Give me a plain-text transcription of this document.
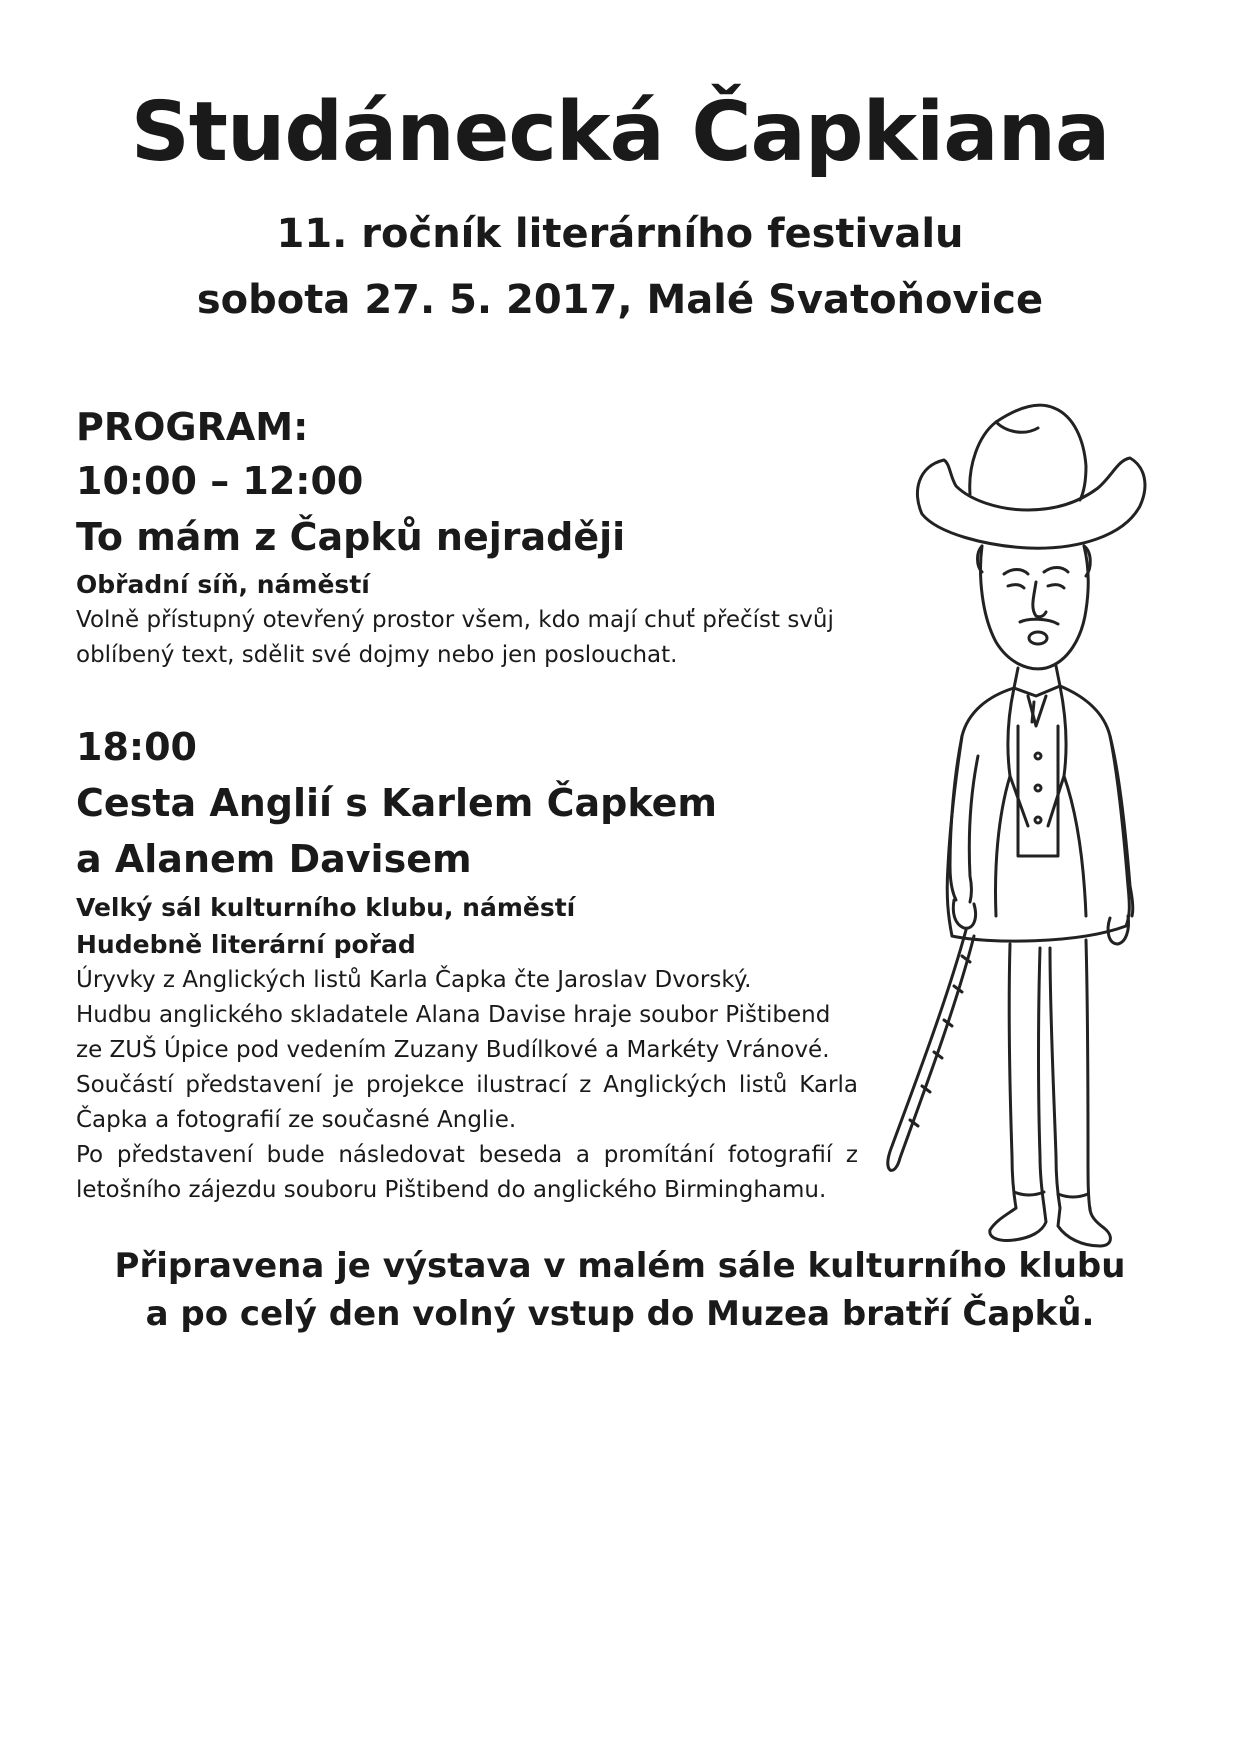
Studánecká Čapkiana
11. ročník literárního festivalu
sobota 27. 5. 2017, Malé Svatoňovice
PROGRAM:
10:00 – 12:00
To mám z Čapků nejraději
Obřadní síň, náměstí

Volně přístupný otevřený prostor všem, kdo mají chuť přečíst svůj oblíbený text, sdělit své dojmy nebo jen poslouchat.

18:00
Cesta Anglií s Karlem Čapkem
a Alanem Davisem
Velký sál kulturního klubu, náměstí
Hudebně literární pořad

Úryvky z Anglických listů Karla Čapka čte Jaroslav Dvorský.

Hudbu anglického skladatele Alana Davise hraje soubor Pištibend

ze ZUŠ Úpice pod vedením Zuzany Budílkové a Markéty Vránové.

Součástí představení je projekce ilustrací z Anglických listů Karla Čapka a fotografií ze současné Anglie.

Po představení bude následovat beseda a promítání fotografií z letošního zájezdu souboru Pištibend do anglického Birminghamu.

Připravena je výstava v malém sále kulturního klubu

a po celý den volný vstup do Muzea bratří Čapků.
